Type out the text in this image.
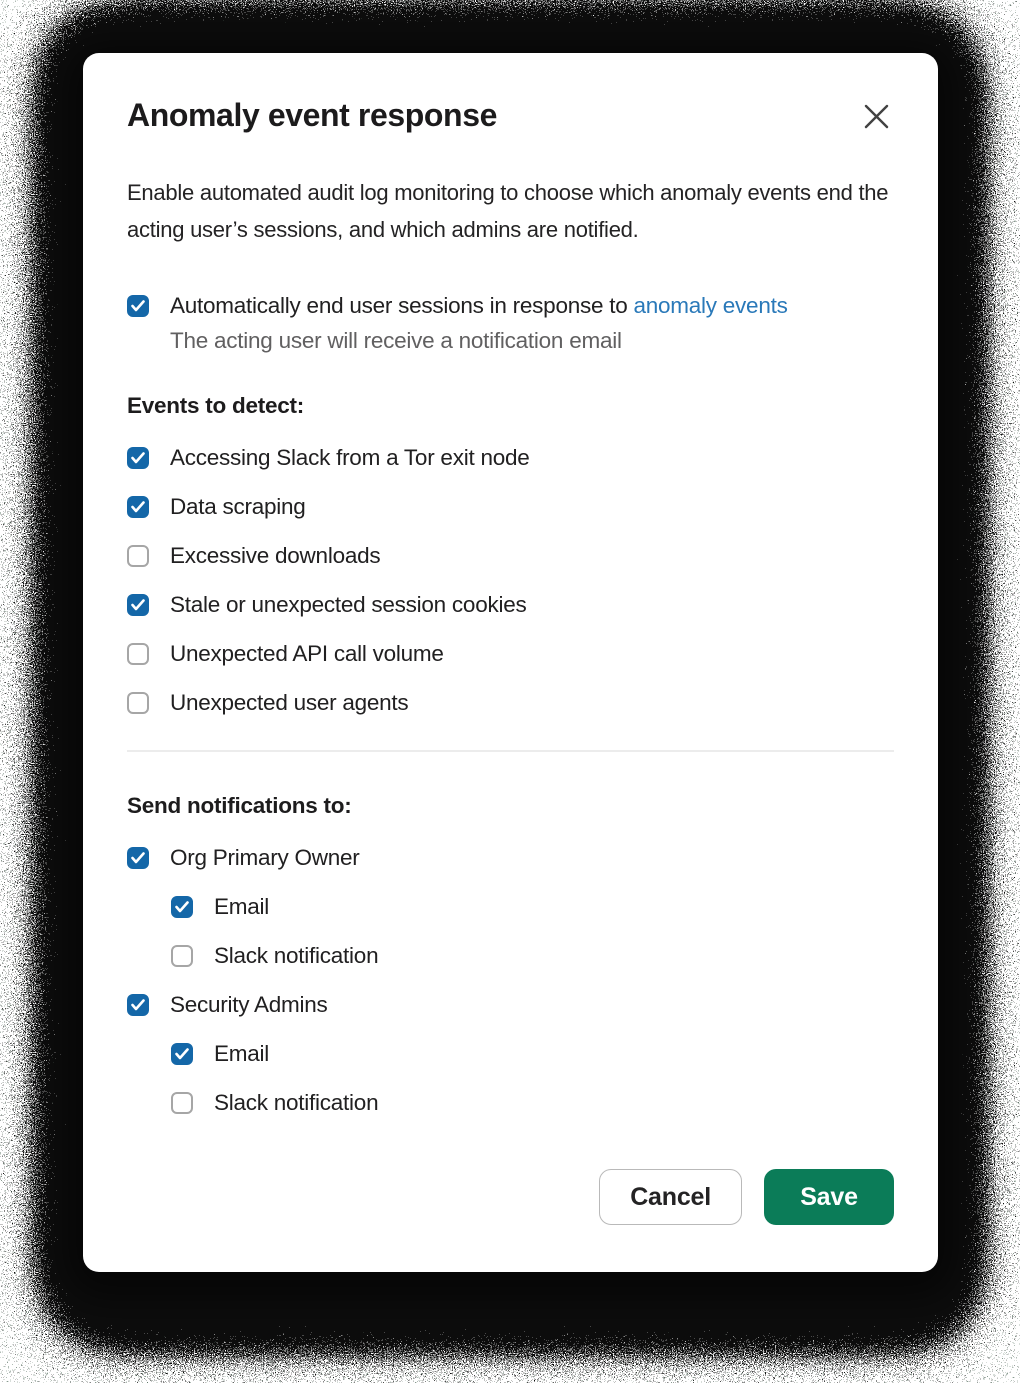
Anomaly event response

Enable automated audit log monitoring to choose which anomaly events end the acting user’s sessions, and which admins are notified.

Automatically end user sessions in response to anomaly events
The acting user will receive a notification email
Events to detect:
Accessing Slack from a Tor exit node
Data scraping
Excessive downloads
Stale or unexpected session cookies
Unexpected API call volume
Unexpected user agents
Send notifications to:
Org Primary Owner
Email
Slack notification
Security Admins
Email
Slack notification
Cancel	Save
